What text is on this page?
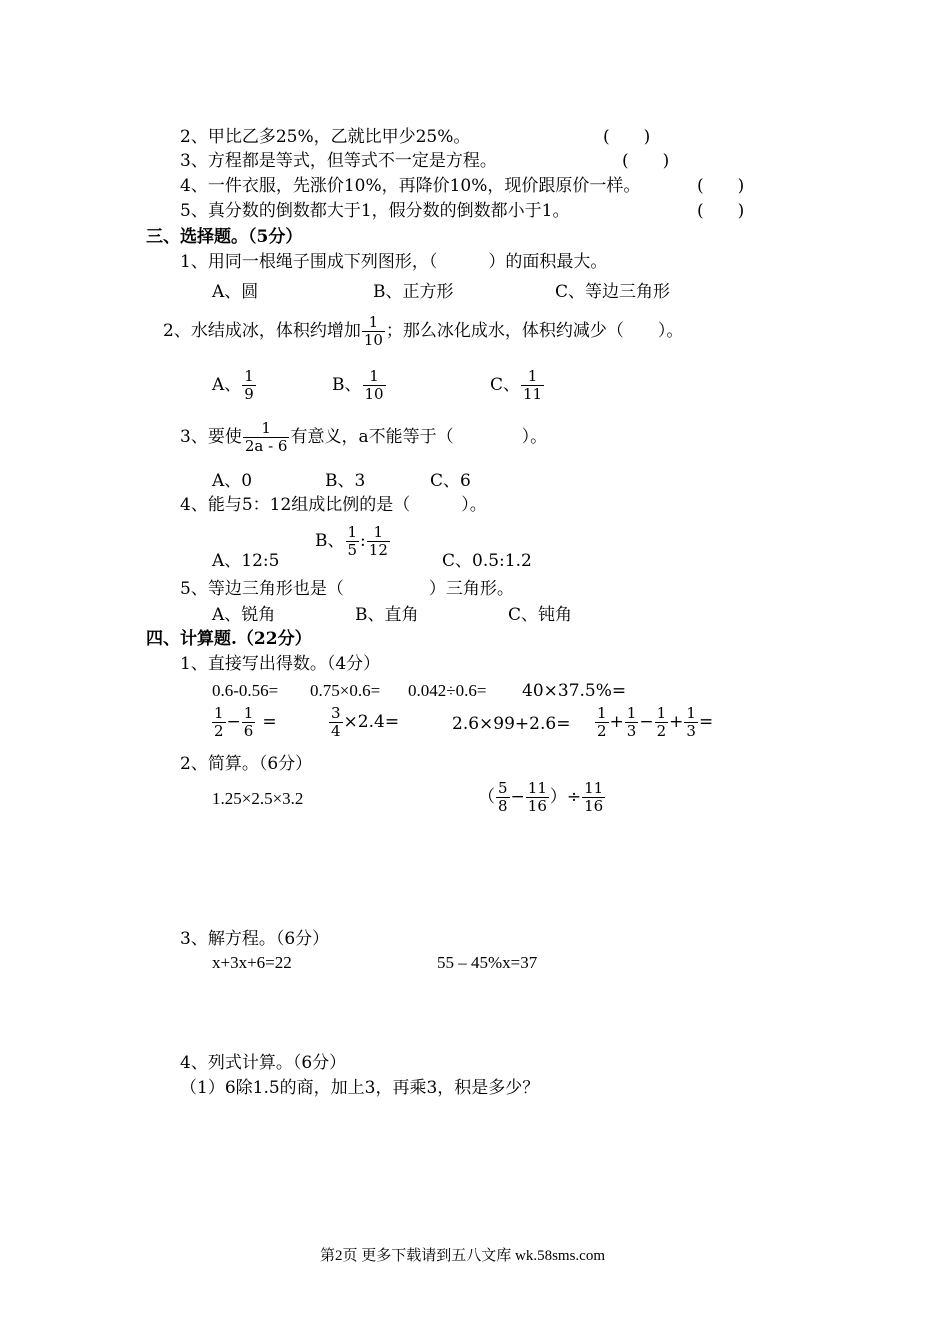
2、甲比乙多25%，乙就比甲少25%。	(　　)
3、方程都是等式，但等式不一定是方程。	(　　)
4、一件衣服，先涨价10%，再降价10%，现价跟原价一样。	(　　)
5、真分数的倒数都大于1，假分数的倒数都小于1。	(　　)
三、选择题。（5分）
1、用同一根绳子围成下列图形，（　　　）的面积最大。
A、圆	B、正方形	C、等边三角形
2、水结成冰，体积约增加 $\frac{1}{10}$ ；那么冰化成水，体积约减少（　　）。
A、 $\frac{1}{9}$	B、 $\frac{1}{10}$	C、 $\frac{1}{11}$
3、要使 $\frac{1}{2a - 6}$ 有意义，a不能等于（　　　　）。
A、0	B、3	C、6
4、能与5：12组成比例的是（　　　）。
A、12:5
B、 $\frac{1}{5}$ : $\frac{1}{12}$
C、0.5:1.2
5、等边三角形也是（　　　　　）三角形。
A、锐角	B、直角	C、钝角
四、计算题.（22分）
1、直接写出得数。（4分）
0.6-0.56= 0.75×0.6= 0.042÷0.6= 40×37.5%=
$\frac{1}{2} - \frac{1}{6}$ =	$\frac{3}{4} \times 2.4=$	$2.6\times 99+2.6= \frac{1}{2} + \frac{1}{3} - \frac{1}{2} + \frac{1}{3}$ =
2、简算。（6分）
1.25×2.5×3.2	（ $\frac{5}{8} - \frac{11}{16}$ ）÷ $\frac{11}{16}$
3、解方程。（6分）
x+3x+6=22	55 – 45%x=37
4、列式计算。（6分）
（1）6除1.5的商，加上3，再乘3，积是多少？
第2页 更多下载请到五八文库 wk.58sms.com
